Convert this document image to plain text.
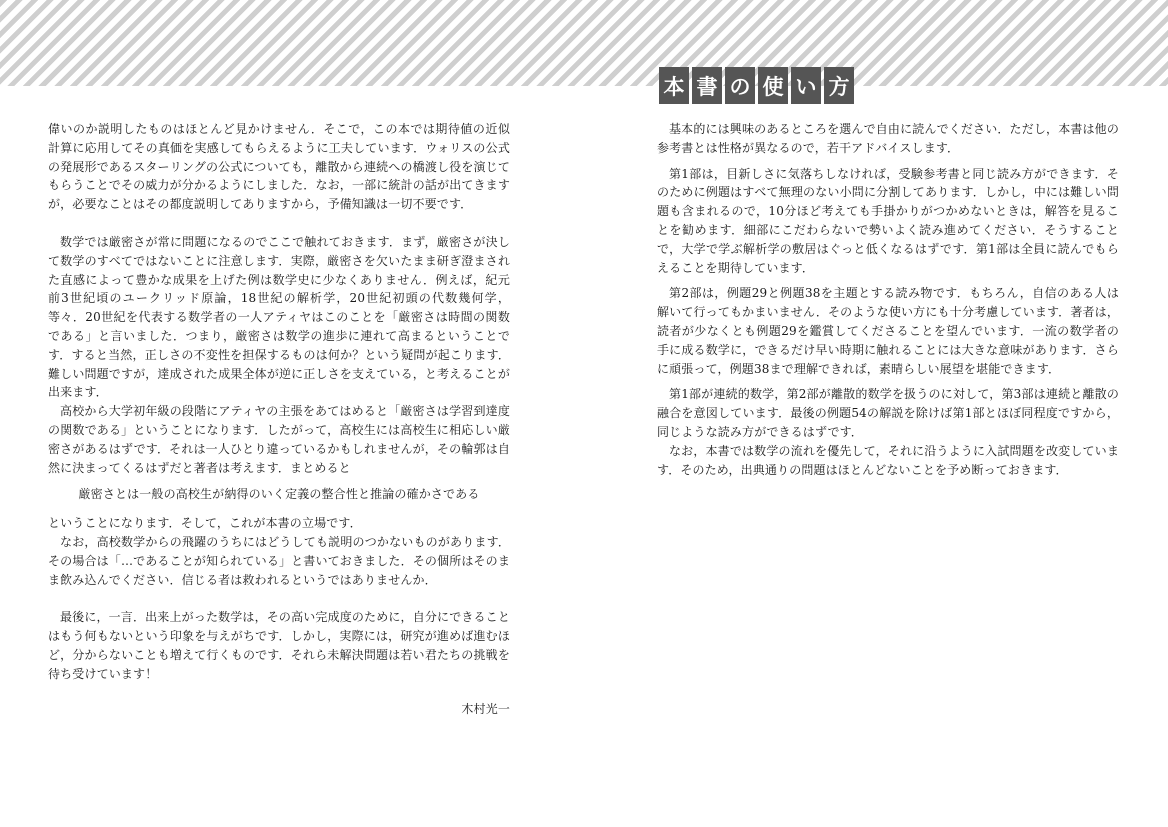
偉いのか説明したものはほとんど見かけません．そこで，この本では期待値の近似計算に応用してその真価を実感してもらえるように工夫しています．ウォリスの公式の発展形であるスターリングの公式についても，離散から連続への橋渡し役を演じてもらうことでその威力が分かるようにしました．なお，一部に統計の話が出てきますが，必要なことはその都度説明してありますから，予備知識は一切不要です．

数学では厳密さが常に問題になるのでここで触れておきます．まず，厳密さが決して数学のすべてではないことに注意します．実際，厳密さを欠いたまま研ぎ澄まされた直感によって豊かな成果を上げた例は数学史に少なくありません．例えば，紀元前3世紀頃のユークリッド原論，18世紀の解析学，20世紀初頭の代数幾何学，等々．20世紀を代表する数学者の一人アティヤはこのことを「厳密さは時間の関数である」と言いました．つまり，厳密さは数学の進歩に連れて高まるということです．すると当然，正しさの不変性を担保するものは何か？という疑問が起こります．難しい問題ですが，達成された成果全体が逆に正しさを支えている，と考えることが出来ます．

高校から大学初年級の段階にアティヤの主張をあてはめると「厳密さは学習到達度の関数である」ということになります．したがって，高校生には高校生に相応しい厳密さがあるはずです．それは一人ひとり違っているかもしれませんが，その輪郭は自然に決まってくるはずだと著者は考えます．まとめると

厳密さとは一般の高校生が納得のいく定義の整合性と推論の確かさである

ということになります．そして，これが本書の立場です．

なお，高校数学からの飛躍のうちにはどうしても説明のつかないものがあります．その場合は「…であることが知られている」と書いておきました．その個所はそのまま飲み込んでください．信じる者は救われるというではありませんか．

最後に，一言．出来上がった数学は，その高い完成度のために，自分にできることはもう何もないという印象を与えがちです．しかし，実際には，研究が進めば進むほど，分からないことも増えて行くものです．それら未解決問題は若い君たちの挑戦を待ち受けています！

木村光一

本 書 の 使 い 方

基本的には興味のあるところを選んで自由に読んでください．ただし，本書は他の参考書とは性格が異なるので，若干アドバイスします．

第1部は，目新しさに気落ちしなければ，受験参考書と同じ読み方ができます．そのために例題はすべて無理のない小問に分割してあります．しかし，中には難しい問題も含まれるので，10分ほど考えても手掛かりがつかめないときは，解答を見ることを勧めます．細部にこだわらないで勢いよく読み進めてください．そうすることで，大学で学ぶ解析学の敷居はぐっと低くなるはずです．第1部は全員に読んでもらえることを期待しています．

第2部は，例題29と例題38を主題とする読み物です．もちろん，自信のある人は解いて行ってもかまいません．そのような使い方にも十分考慮しています．著者は，読者が少なくとも例題29を鑑賞してくださることを望んでいます．一流の数学者の手に成る数学に，できるだけ早い時期に触れることには大きな意味があります．さらに頑張って，例題38まで理解できれば，素晴らしい展望を堪能できます．

第1部が連続的数学，第2部が離散的数学を扱うのに対して，第3部は連続と離散の融合を意図しています．最後の例題54の解説を除けば第1部とほぼ同程度ですから，同じような読み方ができるはずです．

なお，本書では数学の流れを優先して，それに沿うように入試問題を改変しています．そのため，出典通りの問題はほとんどないことを予め断っておきます．
